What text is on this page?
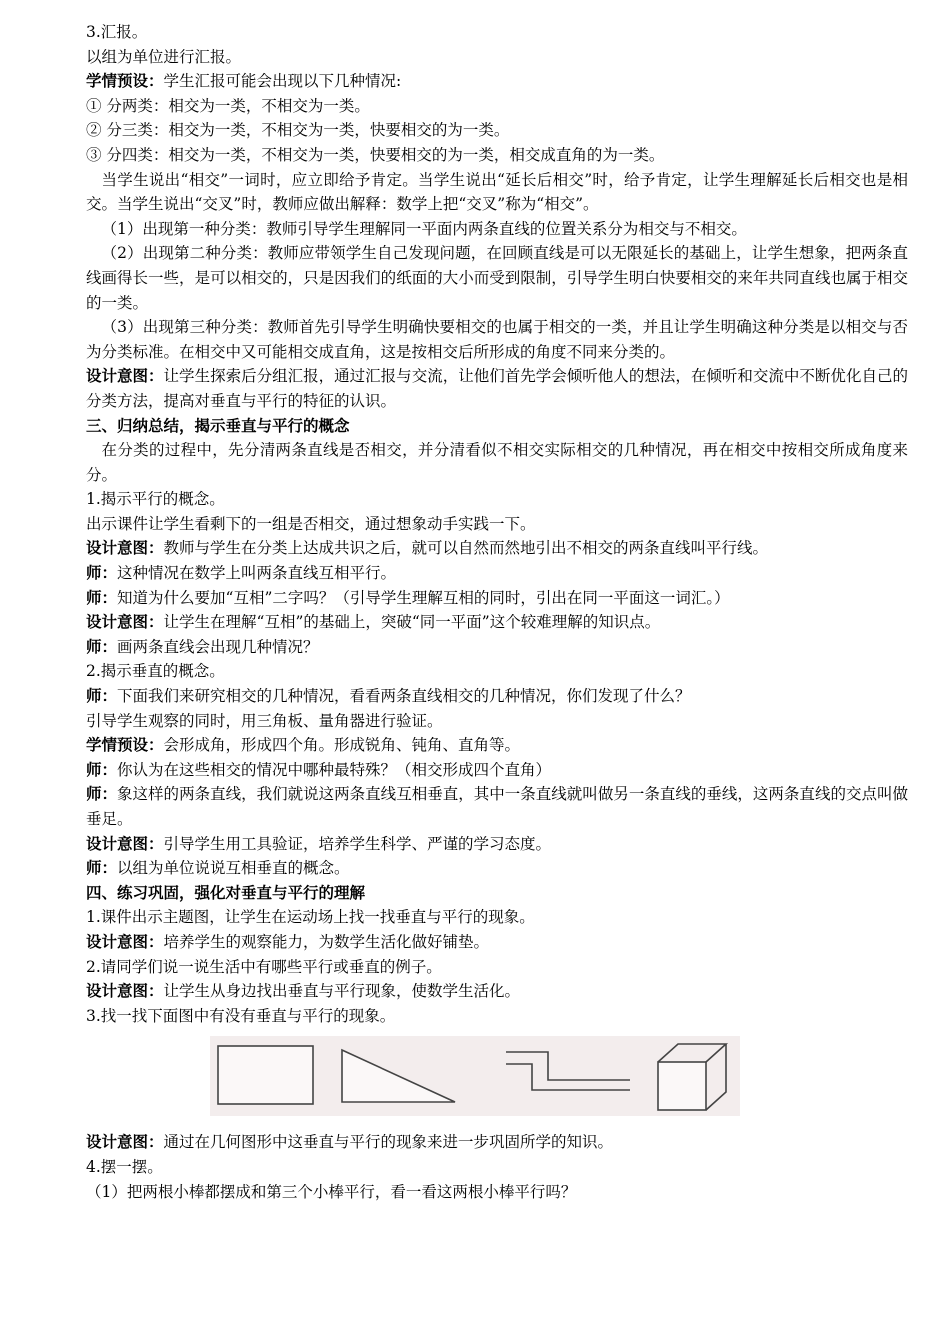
3.汇报。

以组为单位进行汇报。

学情预设：学生汇报可能会出现以下几种情况:

① 分两类：相交为一类，不相交为一类。

② 分三类：相交为一类，不相交为一类，快要相交的为一类。

③ 分四类：相交为一类，不相交为一类，快要相交的为一类，相交成直角的为一类。

当学生说出“相交”一词时，应立即给予肯定。当学生说出“延长后相交”时，给予肯定，让学生理解延长后相交也是相交。当学生说出“交叉”时，教师应做出解释：数学上把“交叉”称为“相交”。

（1）出现第一种分类：教师引导学生理解同一平面内两条直线的位置关系分为相交与不相交。

（2）出现第二种分类：教师应带领学生自己发现问题，在回顾直线是可以无限延长的基础上，让学生想象，把两条直线画得长一些，是可以相交的，只是因我们的纸面的大小而受到限制，引导学生明白快要相交的来年共同直线也属于相交的一类。

（3）出现第三种分类：教师首先引导学生明确快要相交的也属于相交的一类，并且让学生明确这种分类是以相交与否为分类标准。在相交中又可能相交成直角，这是按相交后所形成的角度不同来分类的。

设计意图：让学生探索后分组汇报，通过汇报与交流，让他们首先学会倾听他人的想法，在倾听和交流中不断优化自己的分类方法，提高对垂直与平行的特征的认识。

三、归纳总结，揭示垂直与平行的概念

在分类的过程中，先分清两条直线是否相交，并分清看似不相交实际相交的几种情况，再在相交中按相交所成角度来分。

1.揭示平行的概念。

出示课件让学生看剩下的一组是否相交，通过想象动手实践一下。

设计意图：教师与学生在分类上达成共识之后，就可以自然而然地引出不相交的两条直线叫平行线。

师：这种情况在数学上叫两条直线互相平行。

师：知道为什么要加“互相”二字吗？（引导学生理解互相的同时，引出在同一平面这一词汇。）

设计意图：让学生在理解“互相”的基础上，突破“同一平面”这个较难理解的知识点。

师：画两条直线会出现几种情况？

2.揭示垂直的概念。

师：下面我们来研究相交的几种情况，看看两条直线相交的几种情况，你们发现了什么？

引导学生观察的同时，用三角板、量角器进行验证。

学情预设：会形成角，形成四个角。形成锐角、钝角、直角等。

师：你认为在这些相交的情况中哪种最特殊？（相交形成四个直角）

师：象这样的两条直线，我们就说这两条直线互相垂直，其中一条直线就叫做另一条直线的垂线，这两条直线的交点叫做垂足。

设计意图：引导学生用工具验证，培养学生科学、严谨的学习态度。

师：以组为单位说说互相垂直的概念。

四、练习巩固，强化对垂直与平行的理解

1.课件出示主题图，让学生在运动场上找一找垂直与平行的现象。

设计意图：培养学生的观察能力，为数学生活化做好铺垫。

2.请同学们说一说生活中有哪些平行或垂直的例子。

设计意图：让学生从身边找出垂直与平行现象，使数学生活化。

3.找一找下面图中有没有垂直与平行的现象。

设计意图：通过在几何图形中这垂直与平行的现象来进一步巩固所学的知识。

4.摆一摆。

（1）把两根小棒都摆成和第三个小棒平行，看一看这两根小棒平行吗？
